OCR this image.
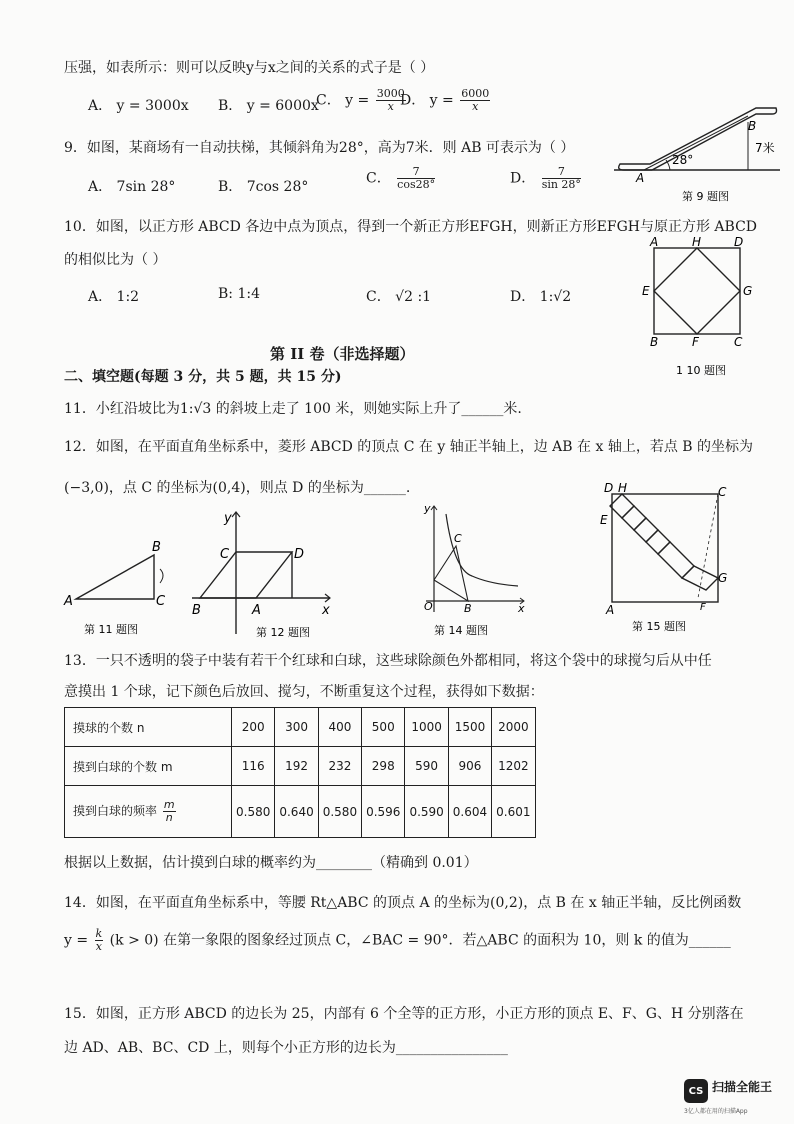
压强，如表所示：则可以反映y与x之间的关系的式子是（ ）
A． y = 3000x B． y = 6000x
C． $y = \frac{3000}{x}$
D． $y = \frac{6000}{x}$
9．如图，某商场有一自动扶梯，其倾斜角为28°，高为7米．则 AB 可表示为（ ）
A． 7sin 28°	B． 7cos 28°
C． $\frac{7}{\cos 28^\circ}$	D． $\frac{7}{\sin 28^\circ}$
28°
7米
A
B
第 9 题图
10．如图，以正方形 ABCD 各边中点为顶点，得到一个新正方形EFGH，则新正方形EFGH与原正方形 ABCD
的相似比为（ ）
A． 1:2	B: 1:4	C． √2 :1	D． 1:√2
A	H	D
E	G
B	F	C
1 10 题图
第 II 卷（非选择题）
二、填空题(每题 3 分，共 5 题，共 15 分)
11．小红沿坡比为1:√3 的斜坡上走了 100 米，则她实际上升了______米.
12．如图，在平面直角坐标系中，菱形 ABCD 的顶点 C 在 y 轴正半轴上，边 AB 在 x 轴上，若点 B 的坐标为
(−3,0)，点 C 的坐标为(0,4)，则点 D 的坐标为______.
A
B
C
第 11 题图
y
x
C	D
B	A
第 12 题图
y
x
C
O	B
第 14 题图
D H	C
E
G
A	F
第 15 题图
13．一只不透明的袋子中装有若干个红球和白球，这些球除颜色外都相同，将这个袋中的球搅匀后从中任
意摸出 1 个球，记下颜色后放回、搅匀，不断重复这个过程，获得如下数据：
摸球的个数 n	200	300	400	500	1000	1500	2000
摸到白球的个数 m	116	192	232	298	590	906	1202
摸到白球的频率 $\frac{m}{n}$	0.580	0.640	0.580	0.596	0.590	0.604	0.601
根据以上数据，估计摸到白球的概率约为________（精确到 0.01）
14．如图，在平面直角坐标系中，等腰 Rt△ABC 的顶点 A 的坐标为(0,2)，点 B 在 x 轴正半轴，反比例函数
$y = \frac{k}{x} (k > 0)$ 在第一象限的图象经过顶点 C，∠BAC = 90°．若△ABC 的面积为 10，则 k 的值为______
15．如图，正方形 ABCD 的边长为 25，内部有 6 个全等的正方形，小正方形的顶点 E、F、G、H 分别落在
边 AD、AB、BC、CD 上，则每个小正方形的边长为________________
CS 扫描全能王
3亿人都在用的扫描App
